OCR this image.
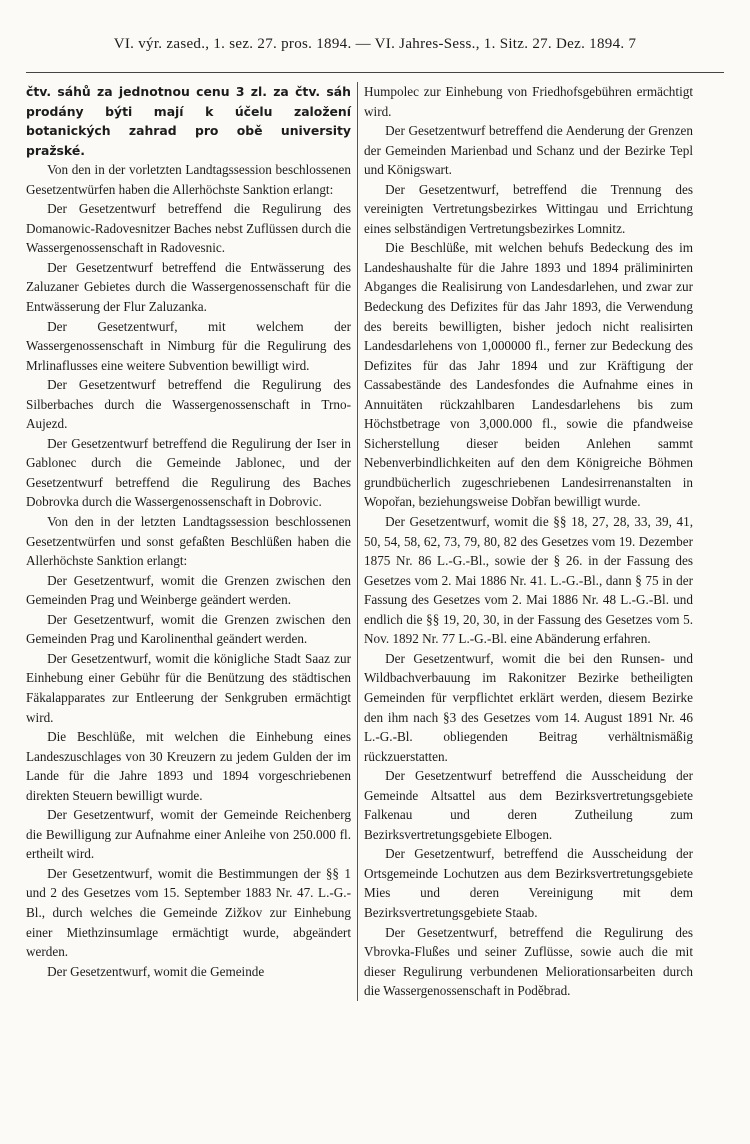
VI. výr. zased., 1. sez. 27. pros. 1894. — VI. Jahres-Sess., 1. Sitz. 27. Dez. 1894. 7

čtv. sáhů za jednotnou cenu 3 zl. za čtv. sáh prodány býti mají k účelu založení botanických zahrad pro obě university pražské.

Von den in der vorletzten Landtagssession beschlossenen Gesetzentwürfen haben die Allerhöchste Sanktion erlangt:

Der Gesetzentwurf betreffend die Regulirung des Domanowic-Radovesnitzer Baches nebst Zuflüssen durch die Wassergenossenschaft in Radovesnic.

Der Gesetzentwurf betreffend die Entwässerung des Zaluzaner Gebietes durch die Wassergenossenschaft für die Entwässerung der Flur Zaluzanka.

Der Gesetzentwurf, mit welchem der Wassergenossenschaft in Nimburg für die Regulirung des Mrlinaflusses eine weitere Subvention bewilligt wird.

Der Gesetzentwurf betreffend die Regulirung des Silberbaches durch die Wassergenossenschaft in Trno-Aujezd.

Der Gesetzentwurf betreffend die Regulirung der Iser in Gablonec durch die Gemeinde Jablonec, und der Gesetzentwurf betreffend die Regulirung des Baches Dobrovka durch die Wassergenossenschaft in Dobrovic.

Von den in der letzten Landtagssession beschlossenen Gesetzentwürfen und sonst gefaßten Beschlüßen haben die Allerhöchste Sanktion erlangt:

Der Gesetzentwurf, womit die Grenzen zwischen den Gemeinden Prag und Weinberge geändert werden.

Der Gesetzentwurf, womit die Grenzen zwischen den Gemeinden Prag und Karolinenthal geändert werden.

Der Gesetzentwurf, womit die königliche Stadt Saaz zur Einhebung einer Gebühr für die Benützung des städtischen Fäkalapparates zur Entleerung der Senkgruben ermächtigt wird.

Die Beschlüße, mit welchen die Einhebung eines Landeszuschlages von 30 Kreuzern zu jedem Gulden der im Lande für die Jahre 1893 und 1894 vorgeschriebenen direkten Steuern bewilligt wurde.

Der Gesetzentwurf, womit der Gemeinde Reichenberg die Bewilligung zur Aufnahme einer Anleihe von 250.000 fl. ertheilt wird.

Der Gesetzentwurf, womit die Bestimmungen der §§ 1 und 2 des Gesetzes vom 15. September 1883 Nr. 47. L.-G.-Bl., durch welches die Gemeinde Zižkov zur Einhebung einer Miethzinsumlage ermächtigt wurde, abgeändert werden.

Der Gesetzentwurf, womit die Gemeinde

Humpolec zur Einhebung von Friedhofsgebühren ermächtigt wird.

Der Gesetzentwurf betreffend die Aenderung der Grenzen der Gemeinden Marienbad und Schanz und der Bezirke Tepl und Königswart.

Der Gesetzentwurf, betreffend die Trennung des vereinigten Vertretungsbezirkes Wittingau und Errichtung eines selbständigen Vertretungsbezirkes Lomnitz.

Die Beschlüße, mit welchen behufs Bedeckung des im Landeshaushalte für die Jahre 1893 und 1894 präliminirten Abganges die Realisirung von Landesdarlehen, und zwar zur Bedeckung des Defizites für das Jahr 1893, die Verwendung des bereits bewilligten, bisher jedoch nicht realisirten Landesdarlehens von 1,000000 fl., ferner zur Bedeckung des Defizites für das Jahr 1894 und zur Kräftigung der Cassabestände des Landesfondes die Aufnahme eines in Annuitäten rückzahlbaren Landesdarlehens bis zum Höchstbetrage von 3,000.000 fl., sowie die pfandweise Sicherstellung dieser beiden Anlehen sammt Nebenverbindlichkeiten auf den dem Königreiche Böhmen grundbücherlich zugeschriebenen Landesirrenanstalten in Wopořan, beziehungsweise Dobřan bewilligt wurde.

Der Gesetzentwurf, womit die §§ 18, 27, 28, 33, 39, 41, 50, 54, 58, 62, 73, 79, 80, 82 des Gesetzes vom 19. Dezember 1875 Nr. 86 L.-G.-Bl., sowie der § 26. in der Fassung des Gesetzes vom 2. Mai 1886 Nr. 41. L.-G.-Bl., dann § 75 in der Fassung des Gesetzes vom 2. Mai 1886 Nr. 48 L.-G.-Bl. und endlich die §§ 19, 20, 30, in der Fassung des Gesetzes vom 5. Nov. 1892 Nr. 77 L.-G.-Bl. eine Abänderung erfahren.

Der Gesetzentwurf, womit die bei den Runsen- und Wildbachverbauung im Rakonitzer Bezirke betheiligten Gemeinden für verpflichtet erklärt werden, diesem Bezirke den ihm nach §3 des Gesetzes vom 14. August 1891 Nr. 46 L.-G.-Bl. obliegenden Beitrag verhältnismäßig rückzuerstatten.

Der Gesetzentwurf betreffend die Ausscheidung der Gemeinde Altsattel aus dem Bezirksvertretungsgebiete Falkenau und deren Zutheilung zum Bezirksvertretungsgebiete Elbogen.

Der Gesetzentwurf, betreffend die Ausscheidung der Ortsgemeinde Lochutzen aus dem Bezirksvertretungsgebiete Mies und deren Vereinigung mit dem Bezirksvertretungsgebiete Staab.

Der Gesetzentwurf, betreffend die Regulirung des Vbrovka-Flußes und seiner Zuflüsse, sowie auch die mit dieser Regulirung verbundenen Meliorationsarbeiten durch die Wassergenossenschaft in Poděbrad.
